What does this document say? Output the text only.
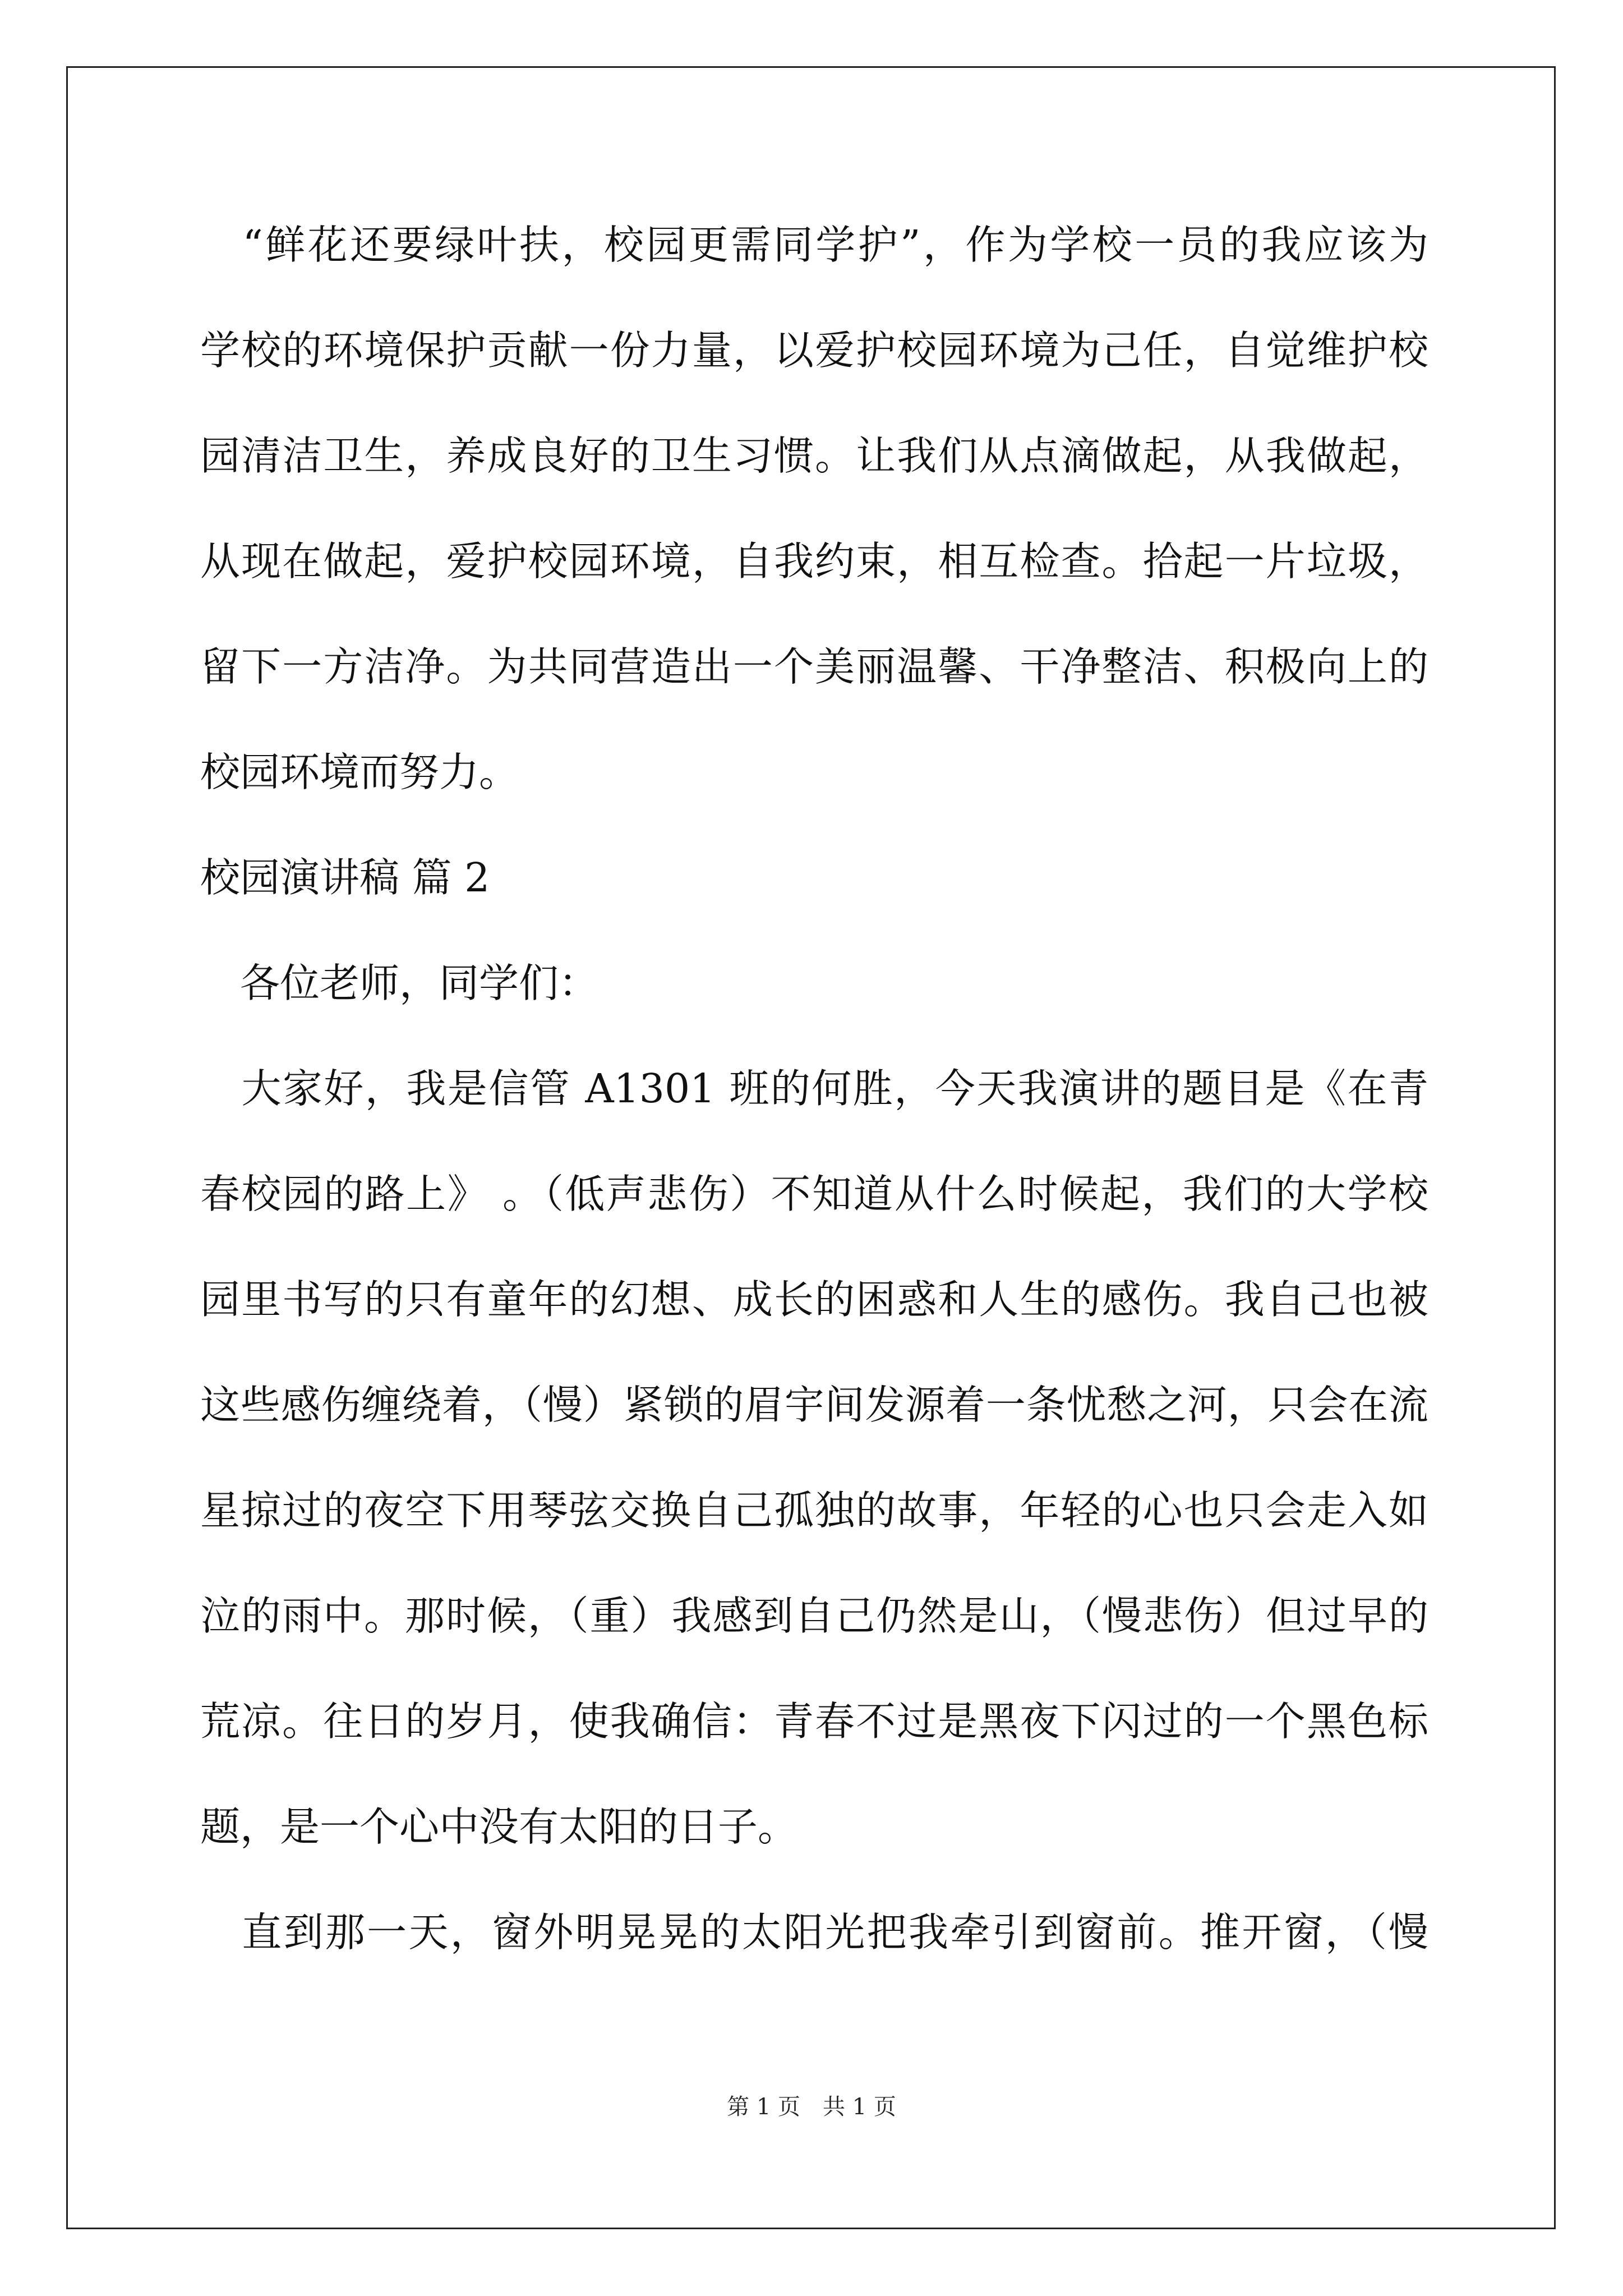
　“鲜花还要绿叶扶，校园更需同学护”，作为学校一员的我应该为
学校的环境保护贡献一份力量，以爱护校园环境为己任，自觉维护校
园清洁卫生，养成良好的卫生习惯。让我们从点滴做起，从我做起，
从现在做起，爱护校园环境，自我约束，相互检查。拾起一片垃圾，
留下一方洁净。为共同营造出一个美丽温馨、干净整洁、积极向上的
校园环境而努力。
校园演讲稿 篇 2
　各位老师，同学们：
　大家好，我是信管 A1301 班的何胜，今天我演讲的题目是《在青
春校园的路上》 。（低声悲伤）不知道从什么时候起，我们的大学校
园里书写的只有童年的幻想、成长的困惑和人生的感伤。我自己也被
这些感伤缠绕着，（慢）紧锁的眉宇间发源着一条忧愁之河，只会在流
星掠过的夜空下用琴弦交换自己孤独的故事，年轻的心也只会走入如
泣的雨中。那时候，（重）我感到自己仍然是山，（慢悲伤）但过早的
荒凉。往日的岁月，使我确信：青春不过是黑夜下闪过的一个黑色标
题，是一个心中没有太阳的日子。
　直到那一天，窗外明晃晃的太阳光把我牵引到窗前。推开窗，（慢
第 1 页　共 1 页
